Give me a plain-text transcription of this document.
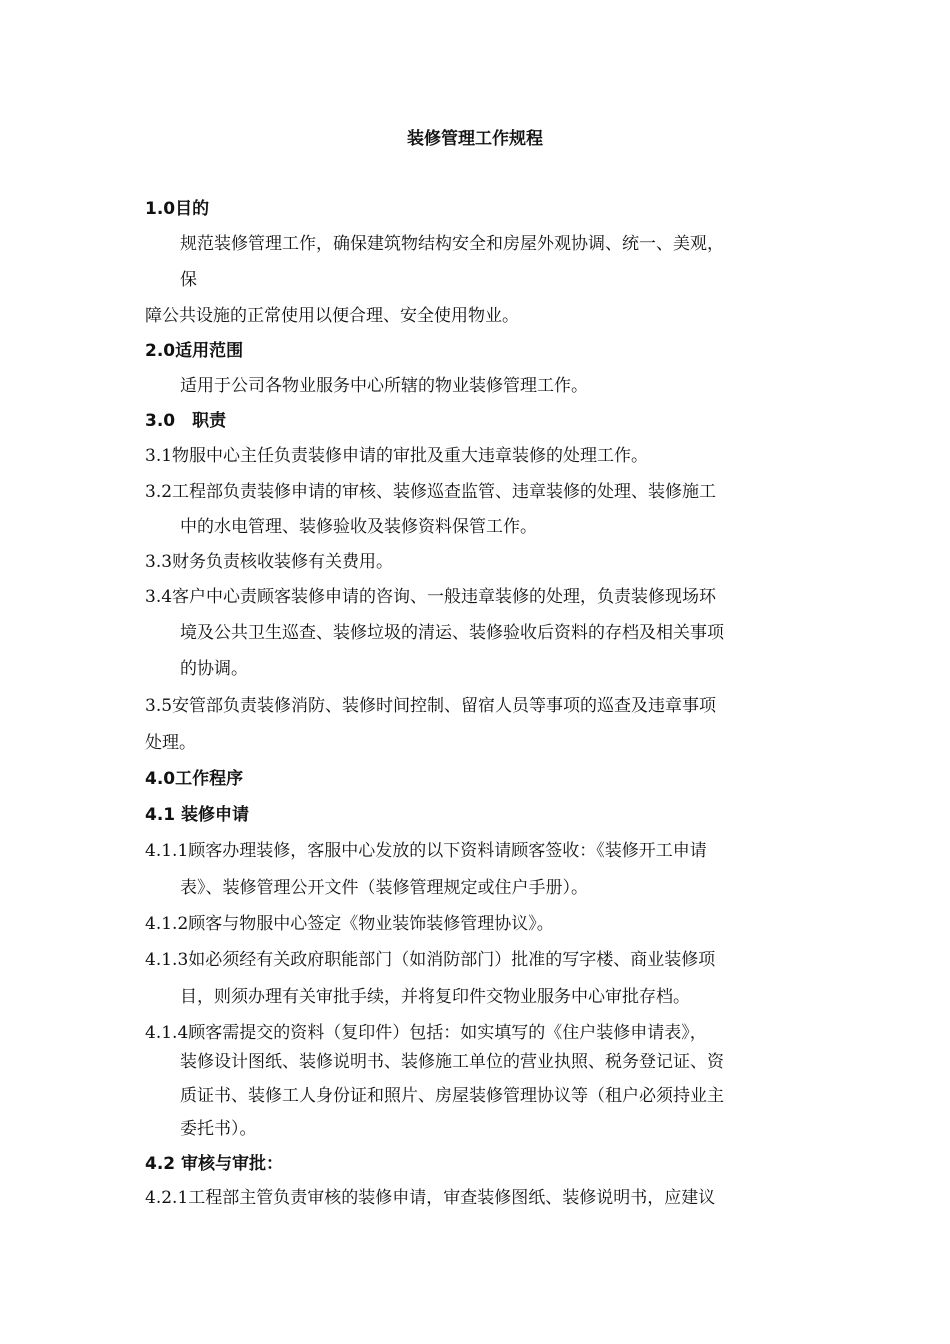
装修管理工作规程
1.0目的
规范装修管理工作，确保建筑物结构安全和房屋外观协调、统一、美观，
保
障公共设施的正常使用以便合理、安全使用物业。
2.0适用范围
适用于公司各物业服务中心所辖的物业装修管理工作。
3.0　职责
3.1物服中心主任负责装修申请的审批及重大违章装修的处理工作。
3.2工程部负责装修申请的审核、装修巡查监管、违章装修的处理、装修施工
中的水电管理、装修验收及装修资料保管工作。
3.3财务负责核收装修有关费用。
3.4客户中心责顾客装修申请的咨询、一般违章装修的处理，负责装修现场环
境及公共卫生巡查、装修垃圾的清运、装修验收后资料的存档及相关事项
的协调。
3.5安管部负责装修消防、装修时间控制、留宿人员等事项的巡查及违章事项
处理。
4.0工作程序
4.1 装修申请
4.1.1顾客办理装修，客服中心发放的以下资料请顾客签收：《装修开工申请
表》、装修管理公开文件（装修管理规定或住户手册）。
4.1.2顾客与物服中心签定《物业装饰装修管理协议》。
4.1.3如必须经有关政府职能部门（如消防部门）批准的写字楼、商业装修项
目，则须办理有关审批手续，并将复印件交物业服务中心审批存档。
4.1.4顾客需提交的资料（复印件）包括：如实填写的《住户装修申请表》，
装修设计图纸、装修说明书、装修施工单位的营业执照、税务登记证、资
质证书、装修工人身份证和照片、房屋装修管理协议等（租户必须持业主
委托书）。
4.2 审核与审批：
4.2.1工程部主管负责审核的装修申请，审查装修图纸、装修说明书，应建议
